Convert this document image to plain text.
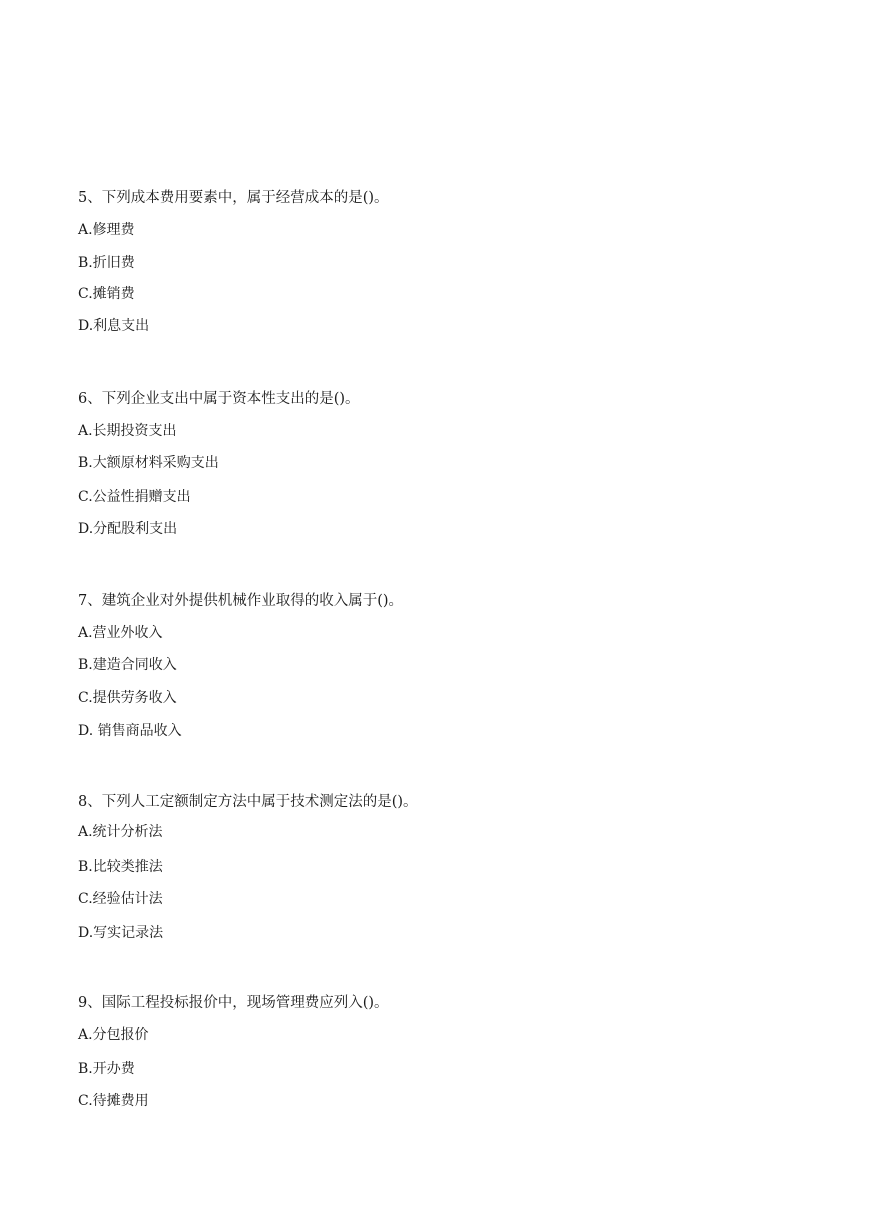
5、下列成本费用要素中，属于经营成本的是()。
A.修理费
B.折旧费
C.摊销费
D.利息支出
6、下列企业支出中属于资本性支出的是()。
A.长期投资支出
B.大额原材料采购支出
C.公益性捐赠支出
D.分配股利支出
7、建筑企业对外提供机械作业取得的收入属于()。
A.营业外收入
B.建造合同收入
C.提供劳务收入
D. 销售商品收入
8、下列人工定额制定方法中属于技术测定法的是()。
A.统计分析法
B.比较类推法
C.经验估计法
D.写实记录法
9、国际工程投标报价中，现场管理费应列入()。
A.分包报价
B.开办费
C.待摊费用
